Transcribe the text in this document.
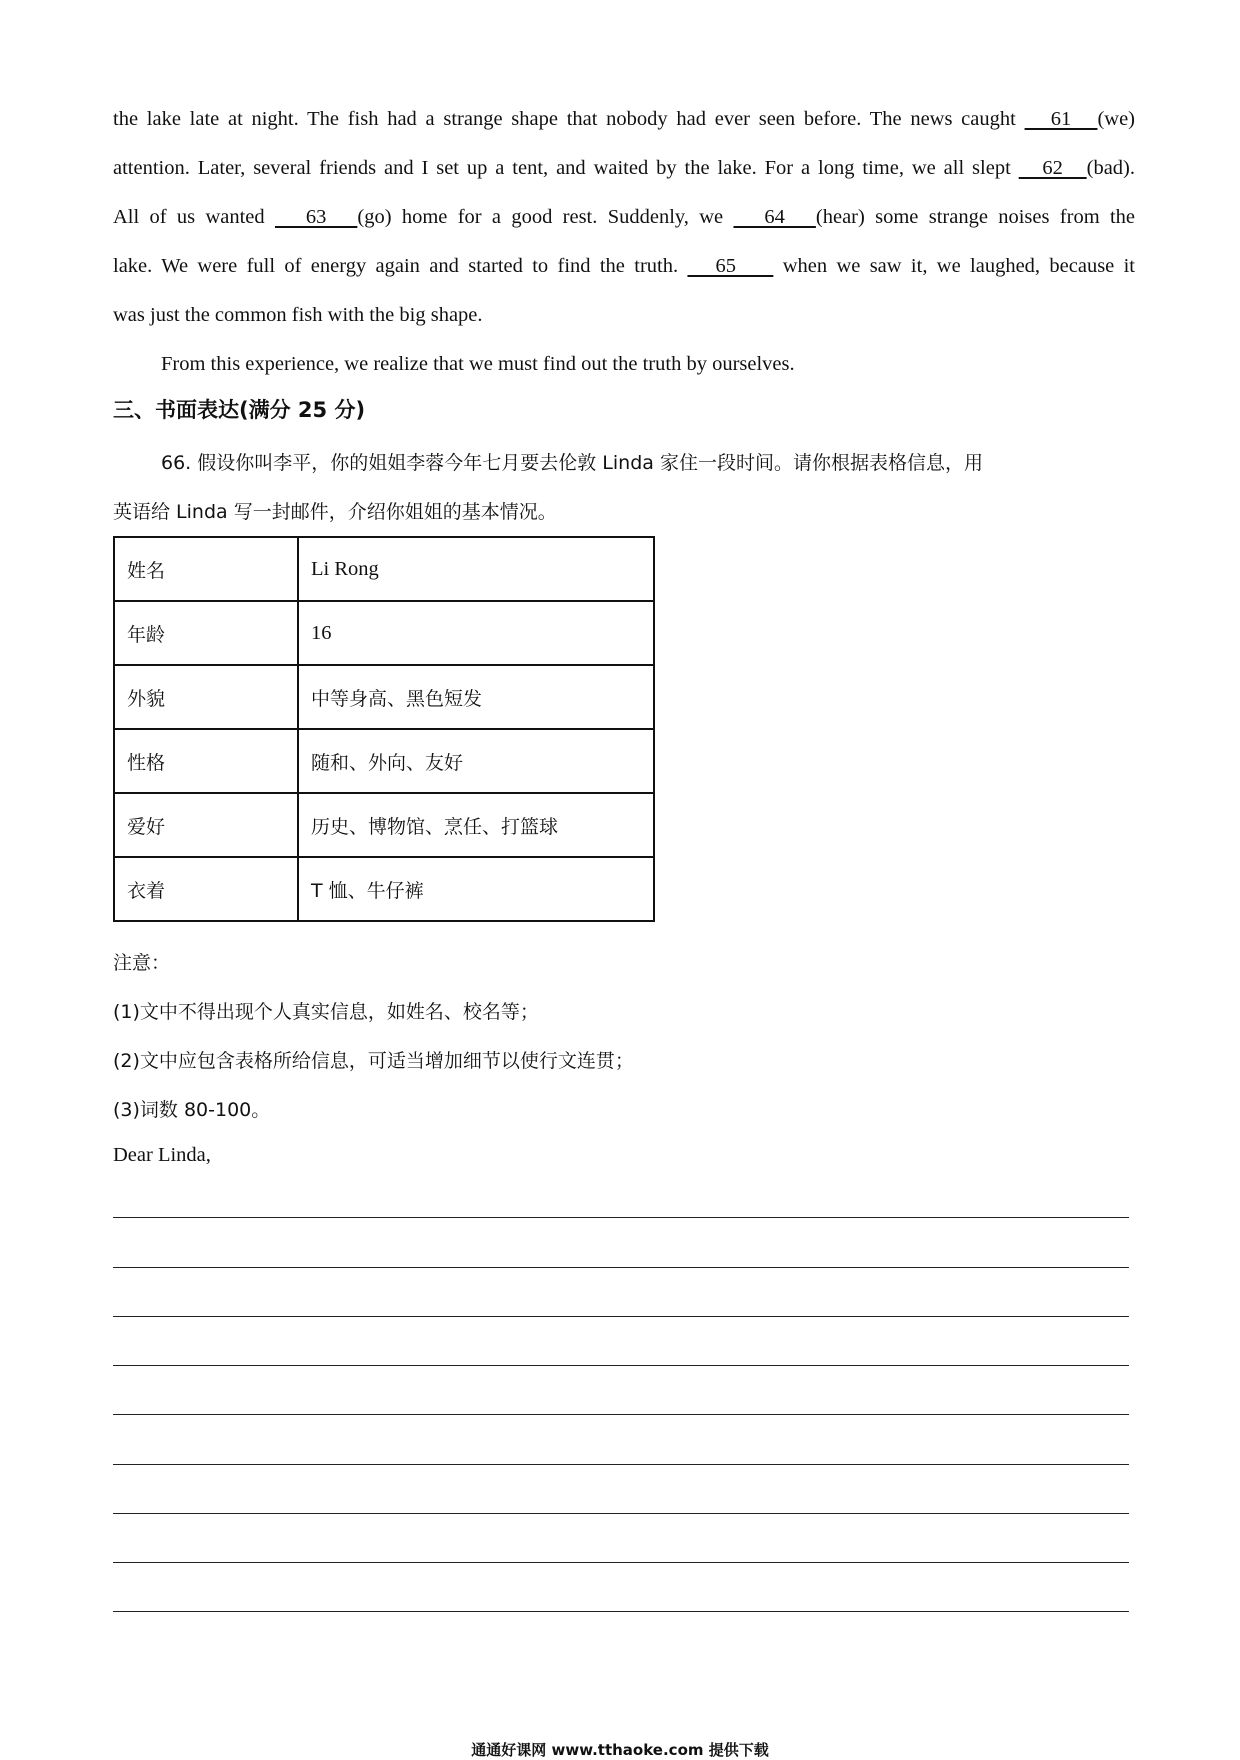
the lake late at night. The fish had a strange shape that nobody had ever seen before. The news caught    61   (we)
attention. Later, several friends and I set up a tent, and waited by the lake. For a long time, we all slept    62   (bad).
All of us wanted    63   (go) home for a good rest. Suddenly, we    64   (hear) some strange noises from the
lake. We were full of energy again and started to find the truth.    65     when we saw it, we laughed, because it
was just the common fish with the big shape.
From this experience, we realize that we must find out the truth by ourselves.
三、书面表达(满分 25 分)
66. 假设你叫李平，你的姐姐李蓉今年七月要去伦敦 Linda 家住一段时间。请你根据表格信息，用
英语给 Linda 写一封邮件，介绍你姐姐的基本情况。
姓名	Li Rong
年龄	16
外貌	中等身高、黑色短发
性格	随和、外向、友好
爱好	历史、博物馆、烹任、打篮球
衣着	T 恤、牛仔裤
注意：
(1)文中不得出现个人真实信息，如姓名、校名等；
(2)文中应包含表格所给信息，可适当增加细节以使行文连贯；
(3)词数 80-100。
Dear Linda,
通通好课网 www.tthaoke.com 提供下载
